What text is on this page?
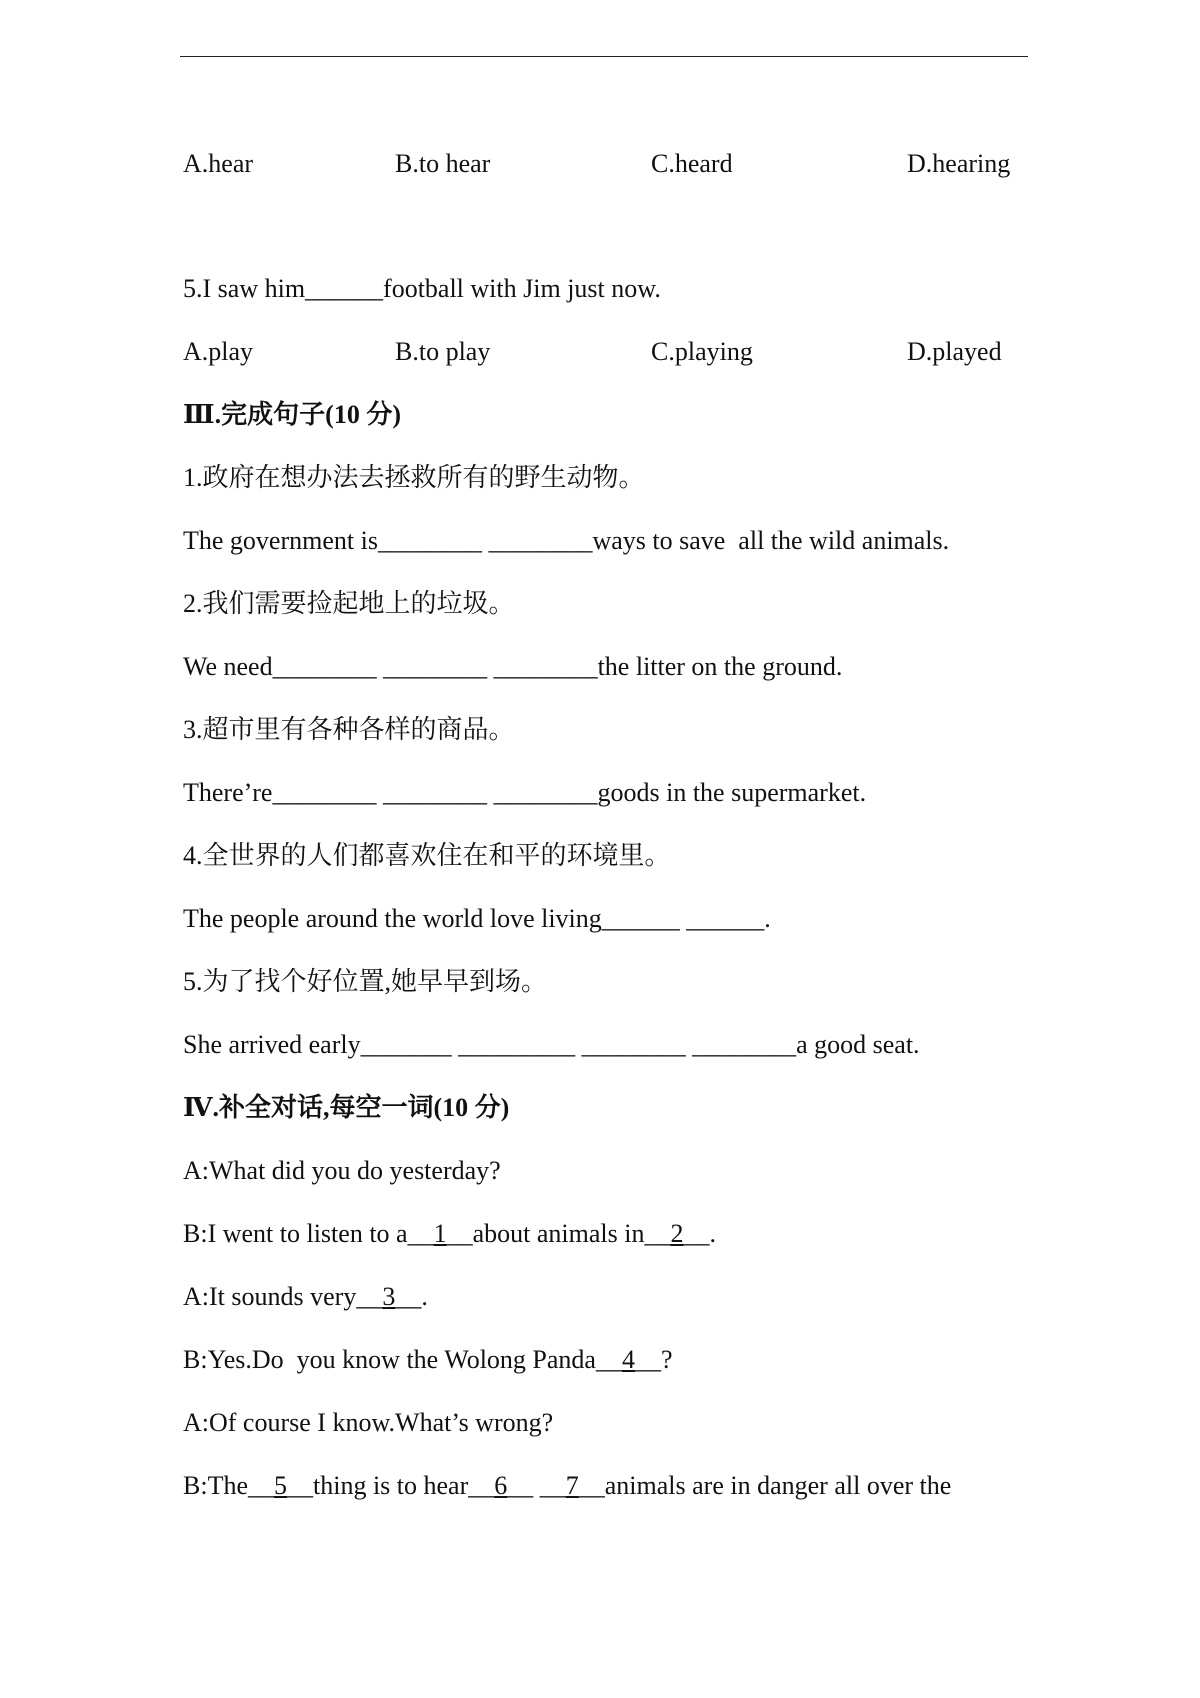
A.hear	B.to hear	C.heard	D.hearing
5.I saw him______football with Jim just now.
A.play	B.to play	C.playing	D.played
Ⅲ.完成句子(10 分)
1.政府在想办法去拯救所有的野生动物。
The government is________ ________ways to save  all the wild animals.
2.我们需要捡起地上的垃圾。
We need________ ________ ________the litter on the ground.
3.超市里有各种各样的商品。
There’re________ ________ ________goods in the supermarket.
4.全世界的人们都喜欢住在和平的环境里。
The people around the world love living______ ______.
5.为了找个好位置,她早早到场。
She arrived early_______ _________ ________ ________a good seat.
Ⅳ.补全对话,每空一词(10 分)
A:What did you do yesterday?
B:I went to listen to a__1__about animals in__2__.
A:It sounds very__3__.
B:Yes.Do  you know the Wolong Panda__4__?
A:Of course I know.What’s wrong?
B:The__5__thing is to hear__6__ __7__animals are in danger all over the
